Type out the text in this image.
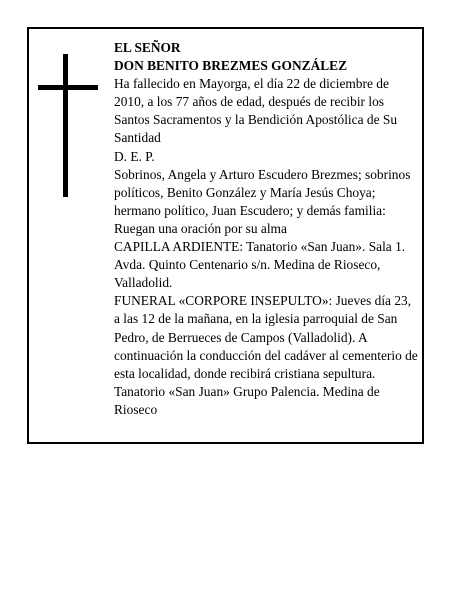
EL SEÑOR

DON BENITO BREZMES GONZÁLEZ

Ha fallecido en Mayorga, el día 22 de diciembre de 2010, a los 77 años de edad, después de recibir los Santos Sacramentos y la Bendición Apostólica de Su Santidad

D. E. P.

Sobrinos, Angela y Arturo Escudero Brezmes; sobrinos políticos, Benito González y María Jesús Choya; hermano político, Juan Escudero; y demás familia:

Ruegan una oración por su alma

CAPILLA ARDIENTE: Tanatorio «San Juan». Sala 1. Avda. Quinto Centenario s/n. Medina de Rioseco, Valladolid.

FUNERAL «CORPORE INSEPULTO»: Jueves día 23, a las 12 de la mañana, en la iglesia parroquial de San Pedro, de Berrueces de Campos (Valladolid). A continuación la conducción del cadáver al cementerio de esta localidad, donde recibirá cristiana sepultura.

Tanatorio «San Juan» Grupo Palencia. Medina de Rioseco
